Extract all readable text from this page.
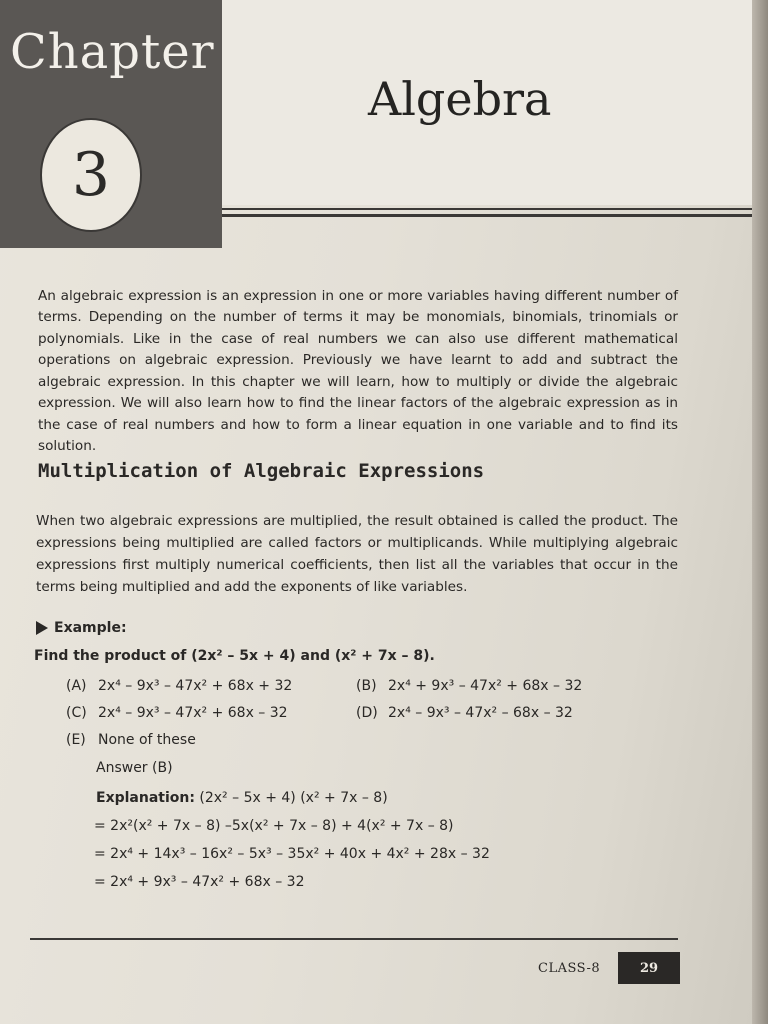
Chapter
3
Algebra

An algebraic expression is an expression in one or more variables having different number of terms. Depending on the number of terms it may be monomials, binomials, trinomials or polynomials. Like in the case of real numbers we can also use different mathematical operations on algebraic expression. Previously we have learnt to add and subtract the algebraic expression. In this chapter we will learn, how to multiply or divide the algebraic expression. We will also learn how to find the linear factors of the algebraic expression as in the case of real numbers and how to form a linear equation in one variable and to find its solution.

Multiplication of Algebraic Expressions

When two algebraic expressions are multiplied, the result obtained is called the product. The expressions being multiplied are called factors or multiplicands. While multiplying algebraic expressions first multiply numerical coefficients, then list all the variables that occur in the terms being multiplied and add the exponents of like variables.

Example:
Find the product of (2x² – 5x + 4) and (x² + 7x – 8).
(A) 2x⁴ – 9x³ – 47x² + 68x + 32	(B) 2x⁴ + 9x³ – 47x² + 68x – 32
(C) 2x⁴ – 9x³ – 47x² + 68x – 32	(D) 2x⁴ – 9x³ – 47x² – 68x – 32
(E) None of these
Answer (B)
Explanation: (2x² – 5x + 4) (x² + 7x – 8)
= 2x²(x² + 7x – 8) –5x(x² + 7x – 8) + 4(x² + 7x – 8)
= 2x⁴ + 14x³ – 16x² – 5x³ – 35x² + 40x + 4x² + 28x – 32
= 2x⁴ + 9x³ – 47x² + 68x – 32
CLASS-8	29
